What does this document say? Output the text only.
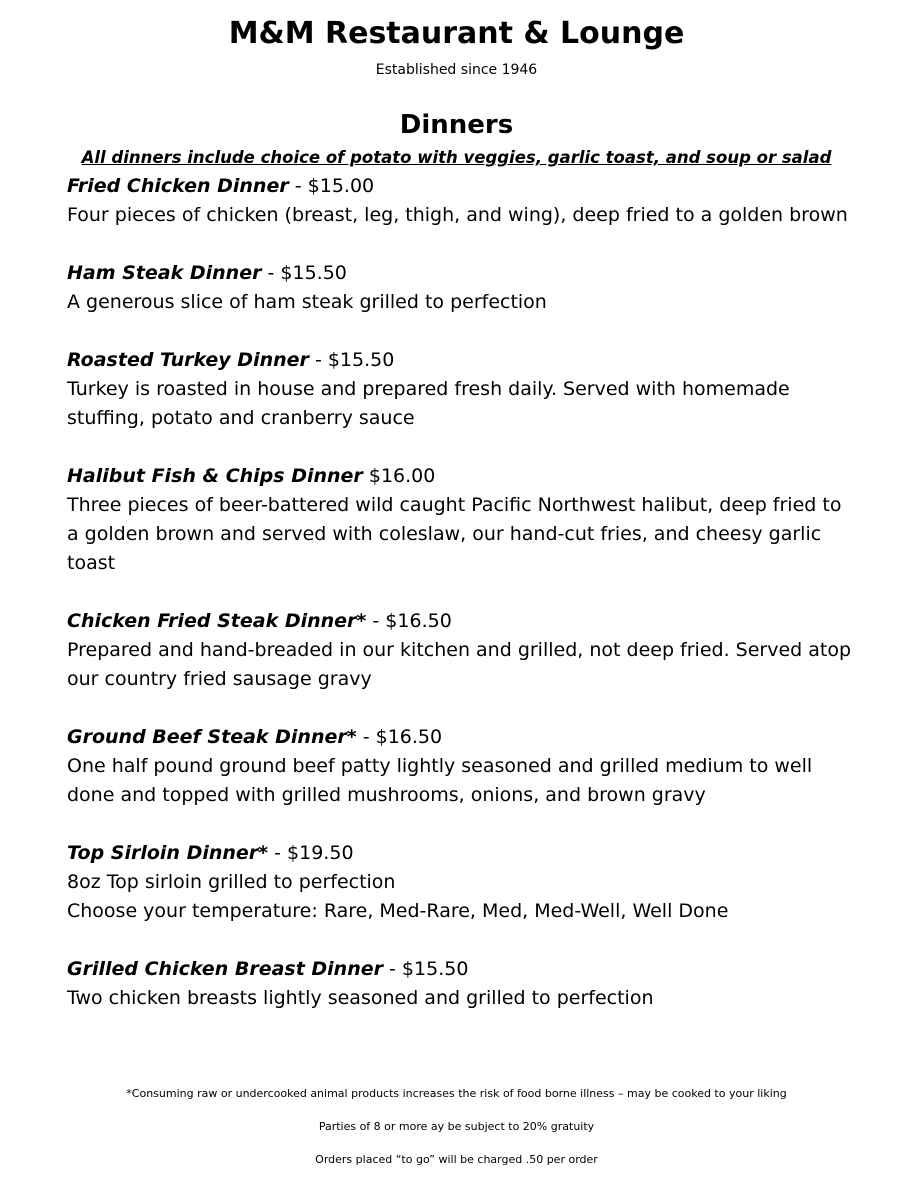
M&M Restaurant & Lounge
Established since 1946
Dinners
All dinners include choice of potato with veggies, garlic toast, and soup or salad
Fried Chicken Dinner - $15.00
Four pieces of chicken (breast, leg, thigh, and wing), deep fried to a golden brown
Ham Steak Dinner - $15.50
A generous slice of ham steak grilled to perfection
Roasted Turkey Dinner - $15.50
Turkey is roasted in house and prepared fresh daily. Served with homemade
stuffing, potato and cranberry sauce
Halibut Fish & Chips Dinner $16.00
Three pieces of beer-battered wild caught Pacific Northwest halibut, deep fried to
a golden brown and served with coleslaw, our hand-cut fries, and cheesy garlic
toast
Chicken Fried Steak Dinner* - $16.50
Prepared and hand-breaded in our kitchen and grilled, not deep fried. Served atop
our country fried sausage gravy
Ground Beef Steak Dinner* - $16.50
One half pound ground beef patty lightly seasoned and grilled medium to well
done and topped with grilled mushrooms, onions, and brown gravy
Top Sirloin Dinner* - $19.50
8oz Top sirloin grilled to perfection
Choose your temperature: Rare, Med-Rare, Med, Med-Well, Well Done
Grilled Chicken Breast Dinner - $15.50
Two chicken breasts lightly seasoned and grilled to perfection
*Consuming raw or undercooked animal products increases the risk of food borne illness – may be cooked to your liking
Parties of 8 or more ay be subject to 20% gratuity
Orders placed “to go” will be charged .50 per order
